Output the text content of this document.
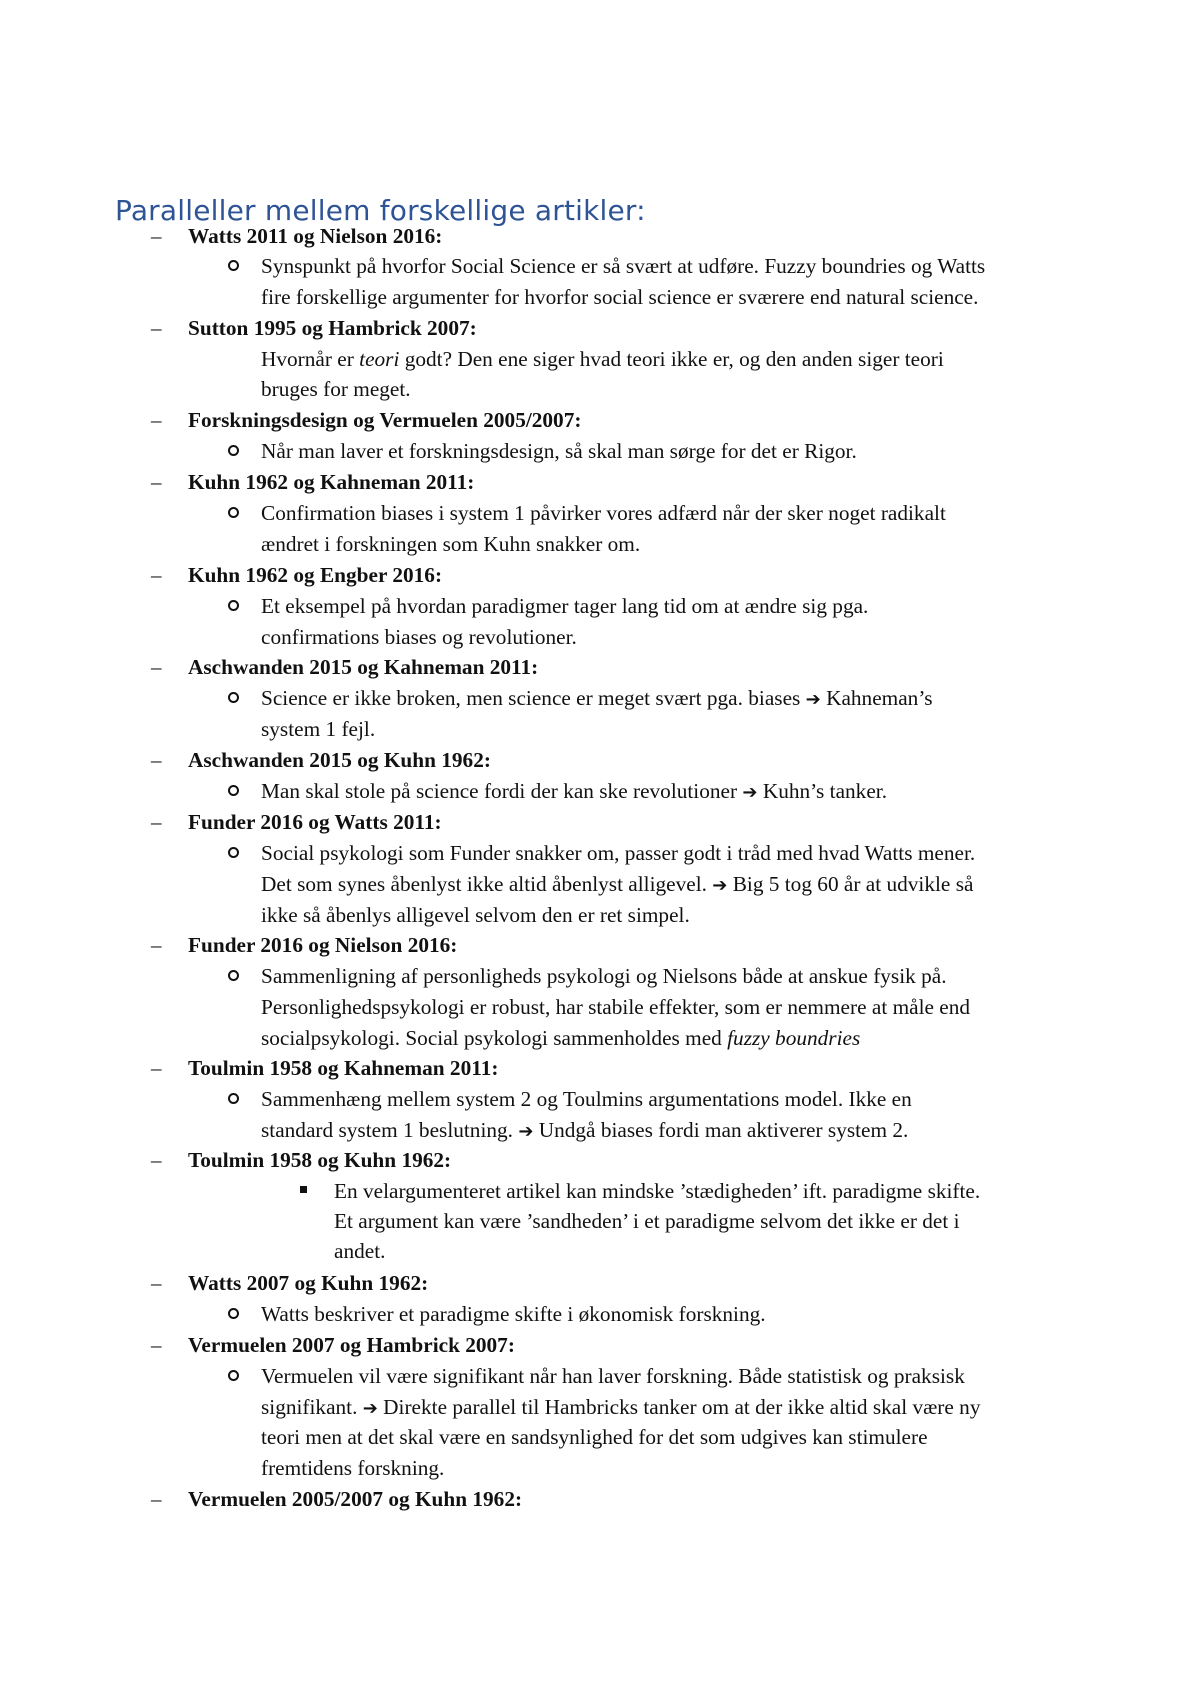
Paralleller mellem forskellige artikler:
– Watts 2011 og Nielson 2016:
Synspunkt på hvorfor Social Science er så svært at udføre. Fuzzy boundries og Watts
fire forskellige argumenter for hvorfor social science er sværere end natural science.
– Sutton 1995 og Hambrick 2007:
Hvornår er teori godt? Den ene siger hvad teori ikke er, og den anden siger teori
bruges for meget.
– Forskningsdesign og Vermuelen 2005/2007:
Når man laver et forskningsdesign, så skal man sørge for det er Rigor.
– Kuhn 1962 og Kahneman 2011:
Confirmation biases i system 1 påvirker vores adfærd når der sker noget radikalt
ændret i forskningen som Kuhn snakker om.
– Kuhn 1962 og Engber 2016:
Et eksempel på hvordan paradigmer tager lang tid om at ændre sig pga.
confirmations biases og revolutioner.
– Aschwanden 2015 og Kahneman 2011:
Science er ikke broken, men science er meget svært pga. biases ➔ Kahneman’s
system 1 fejl.
– Aschwanden 2015 og Kuhn 1962:
Man skal stole på science fordi der kan ske revolutioner ➔ Kuhn’s tanker.
– Funder 2016 og Watts 2011:
Social psykologi som Funder snakker om, passer godt i tråd med hvad Watts mener.
Det som synes åbenlyst ikke altid åbenlyst alligevel. ➔ Big 5 tog 60 år at udvikle så
ikke så åbenlys alligevel selvom den er ret simpel.
– Funder 2016 og Nielson 2016:
Sammenligning af personligheds psykologi og Nielsons både at anskue fysik på.
Personlighedspsykologi er robust, har stabile effekter, som er nemmere at måle end
socialpsykologi. Social psykologi sammenholdes med fuzzy boundries
– Toulmin 1958 og Kahneman 2011:
Sammenhæng mellem system 2 og Toulmins argumentations model. Ikke en
standard system 1 beslutning. ➔ Undgå biases fordi man aktiverer system 2.
– Toulmin 1958 og Kuhn 1962:
En velargumenteret artikel kan mindske ’stædigheden’ ift. paradigme skifte.
Et argument kan være ’sandheden’ i et paradigme selvom det ikke er det i
andet.
– Watts 2007 og Kuhn 1962:
Watts beskriver et paradigme skifte i økonomisk forskning.
– Vermuelen 2007 og Hambrick 2007:
Vermuelen vil være signifikant når han laver forskning. Både statistisk og praksisk
signifikant. ➔ Direkte parallel til Hambricks tanker om at der ikke altid skal være ny
teori men at det skal være en sandsynlighed for det som udgives kan stimulere
fremtidens forskning.
– Vermuelen 2005/2007 og Kuhn 1962:
